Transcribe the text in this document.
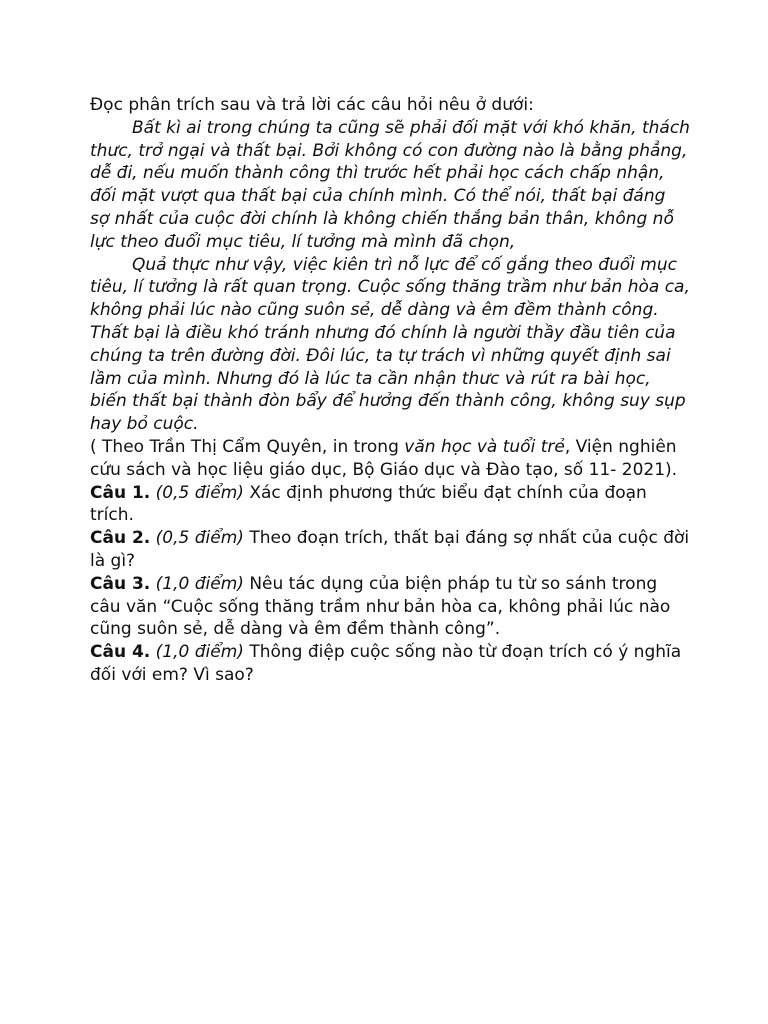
Đọc phân trích sau và trả lời các câu hỏi nêu ở dưới:

Bất kì ai trong chúng ta cũng sẽ phải đối mặt với khó khăn, thách thưc, trở ngại và thất bại. Bởi không có con đường nào là bằng phẳng, dễ đi, nếu muốn thành công thì trước hết phải học cách chấp nhận, đối mặt vượt qua thất bại của chính mình. Có thể nói, thất bại đáng sợ nhất của cuộc đời chính là không chiến thắng bản thân, không nỗ lực theo đuổi mục tiêu, lí tưởng mà mình đã chọn,

Quả thực như vậy, việc kiên trì nỗ lực để cố gắng theo đuổi mục tiêu, lí tưởng là rất quan trọng. Cuộc sống thăng trầm như bản hòa ca, không phải lúc nào cũng suôn sẻ, dễ dàng và êm đềm thành công. Thất bại là điều khó tránh nhưng đó chính là người thầy đầu tiên của chúng ta trên đường đời. Đôi lúc, ta tự trách vì những quyết định sai lầm của mình. Nhưng đó là lúc ta cần nhận thưc và rút ra bài học, biến thất bại thành đòn bẩy để hưởng đến thành công, không suy sụp hay bỏ cuộc.

( Theo Trần Thị Cẩm Quyên, in trong văn học và tuổi trẻ, Viện nghiên cứu sách và học liệu giáo dục, Bộ Giáo dục và Đào tạo, số 11- 2021).

Câu 1. (0,5 điểm) Xác định phương thức biểu đạt chính của đoạn trích.

Câu 2. (0,5 điểm) Theo đoạn trích, thất bại đáng sợ nhất của cuộc đời là gì?

Câu 3. (1,0 điểm) Nêu tác dụng của biện pháp tu từ so sánh trong câu văn “Cuộc sống thăng trầm như bản hòa ca, không phải lúc nào cũng suôn sẻ, dễ dàng và êm đềm thành công”.

Câu 4. (1,0 điểm) Thông điệp cuộc sống nào từ đoạn trích có ý nghĩa đối với em? Vì sao?
